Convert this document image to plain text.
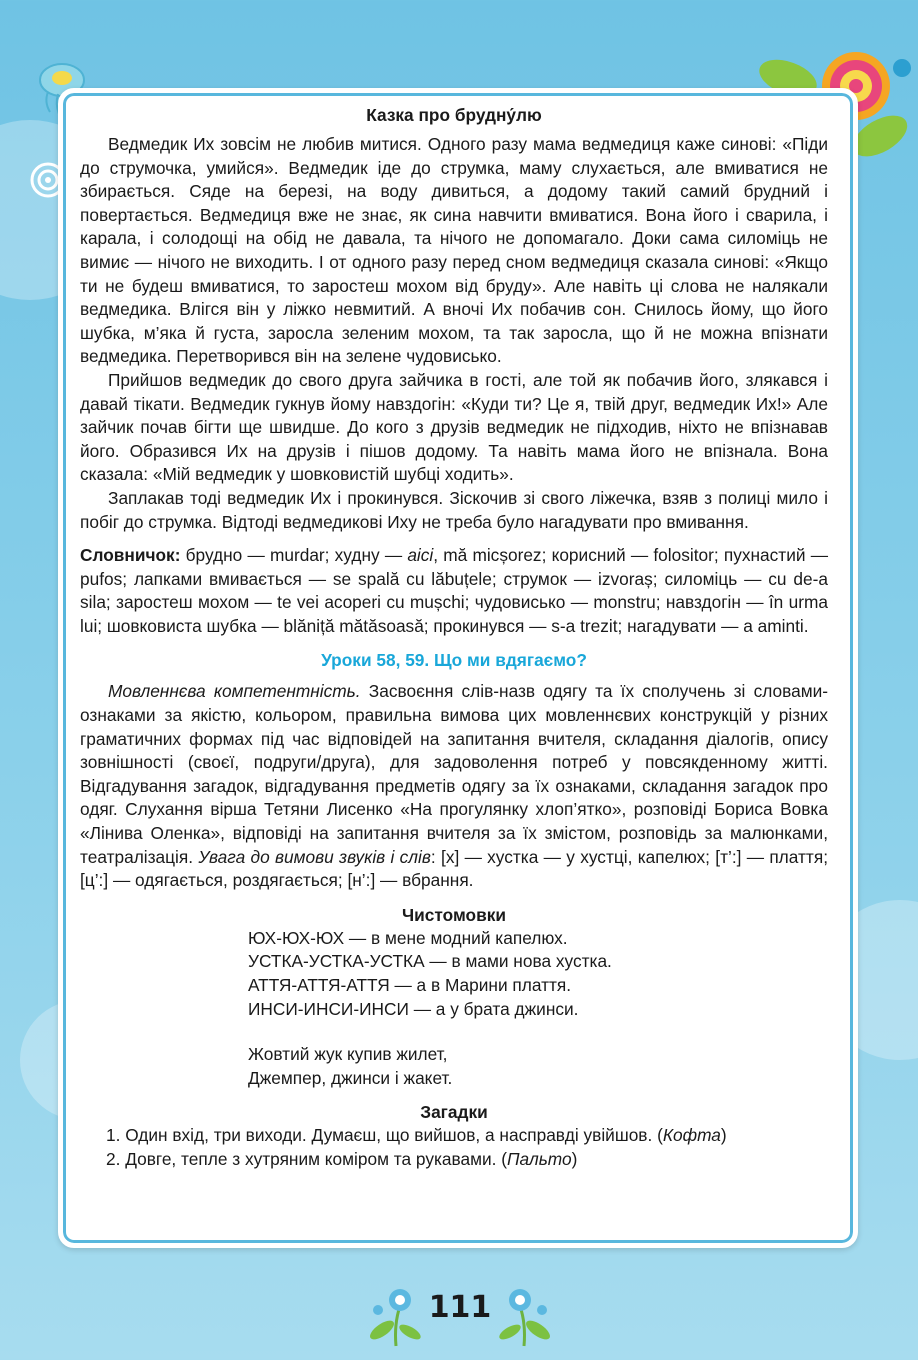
Казка про брудну́лю

Ведмедик Их зовсім не любив митися. Одного разу мама ведмедиця каже синові: «Піди до струмочка, умийся». Ведмедик іде до струмка, маму слухається, але вмиватися не збирається. Сяде на березі, на воду дивиться, а додому такий самий брудний і повертається. Ведмедиця вже не знає, як сина навчити вмиватися. Вона його і сварила, і карала, і солодощі на обід не давала, та нічого не допомагало. Доки сама силоміць не вимиє — нічого не виходить. І от одного разу перед сном ведмедиця сказала синові: «Якщо ти не будеш вмиватися, то заростеш мохом від бруду». Але навіть ці слова не налякали ведмедика. Влігся він у ліжко невмитий. А вночі Их побачив сон. Снилось йому, що його шубка, м’яка й густа, заросла зеленим мохом, та так заросла, що й не можна впізнати ведмедика. Перетворився він на зелене чудовисько.

Прийшов ведмедик до свого друга зайчика в гості, але той як побачив його, злякався і давай тікати. Ведмедик гукнув йому навздогін: «Куди ти? Це я, твій друг, ведмедик Их!» Але зайчик почав бігти ще швидше. До кого з друзів ведмедик не підходив, ніхто не впізнавав його. Образився Их на друзів і пішов додому. Та навіть мама його не впізнала. Вона сказала: «Мій ведмедик у шовковистій шубці ходить».

Заплакав тоді ведмедик Их і прокинувся. Зіскочив зі свого ліжечка, взяв з полиці мило і побіг до струмка. Відтоді ведмедикові Иху не треба було нагадувати про вмивання.

Словничок: брудно — murdar; худну — aici, mă micșorez; корисний — folositor; пухнастий — pufos; лапками вмивається — se spală cu lăbuțele; струмок — izvoraș; силоміць — cu de-a sila; заростеш мохом — te vei acoperi cu mușchi; чудовисько — monstru; навздогін — în urma lui; шовковиста шубка — blăniță mătăsoasă; прокинувся — s-a trezit; нагадувати — a aminti.

Уроки 58, 59. Що ми вдягаємо?

Мовленнєва компетентність. Засвоєння слів-назв одягу та їх сполучень зі словами-ознаками за якістю, кольором, правильна вимова цих мовленнєвих конструкцій у різних граматичних формах під час відповідей на запитання вчителя, складання діалогів, опису зовнішності (своєї, подруги/друга), для задоволення потреб у повсякденному житті. Відгадування загадок, відгадування предметів одягу за їх ознаками, складання загадок про одяг. Слухання вірша Тетяни Лисенко «На прогулянку хлоп’ятко», розповіді Бориса Вовка «Лінива Оленка», відповіді на запитання вчителя за їх змістом, розповідь за малюнками, театралізація. Увага до вимови звуків і слів: [х] — хустка — у хустці, капелюх; [т’:] — плаття; [ц’:] — одягається, роздягається; [н’:] — вбрання.

Чистомовки
ЮХ-ЮХ-ЮХ — в мене модний капелюх.
УСТКА-УСТКА-УСТКА — в мами нова хустка.
АТТЯ-АТТЯ-АТТЯ — а в Марини плаття.
ИНСИ-ИНСИ-ИНСИ — а у брата джинси.
Жовтий жук купив жилет,
Джемпер, джинси і жакет.
Загадки
1. Один вхід, три виходи. Думаєш, що вийшов, а насправді увійшов. (Кофта)
2. Довге, тепле з хутряним коміром та рукавами. (Пальто)
111
